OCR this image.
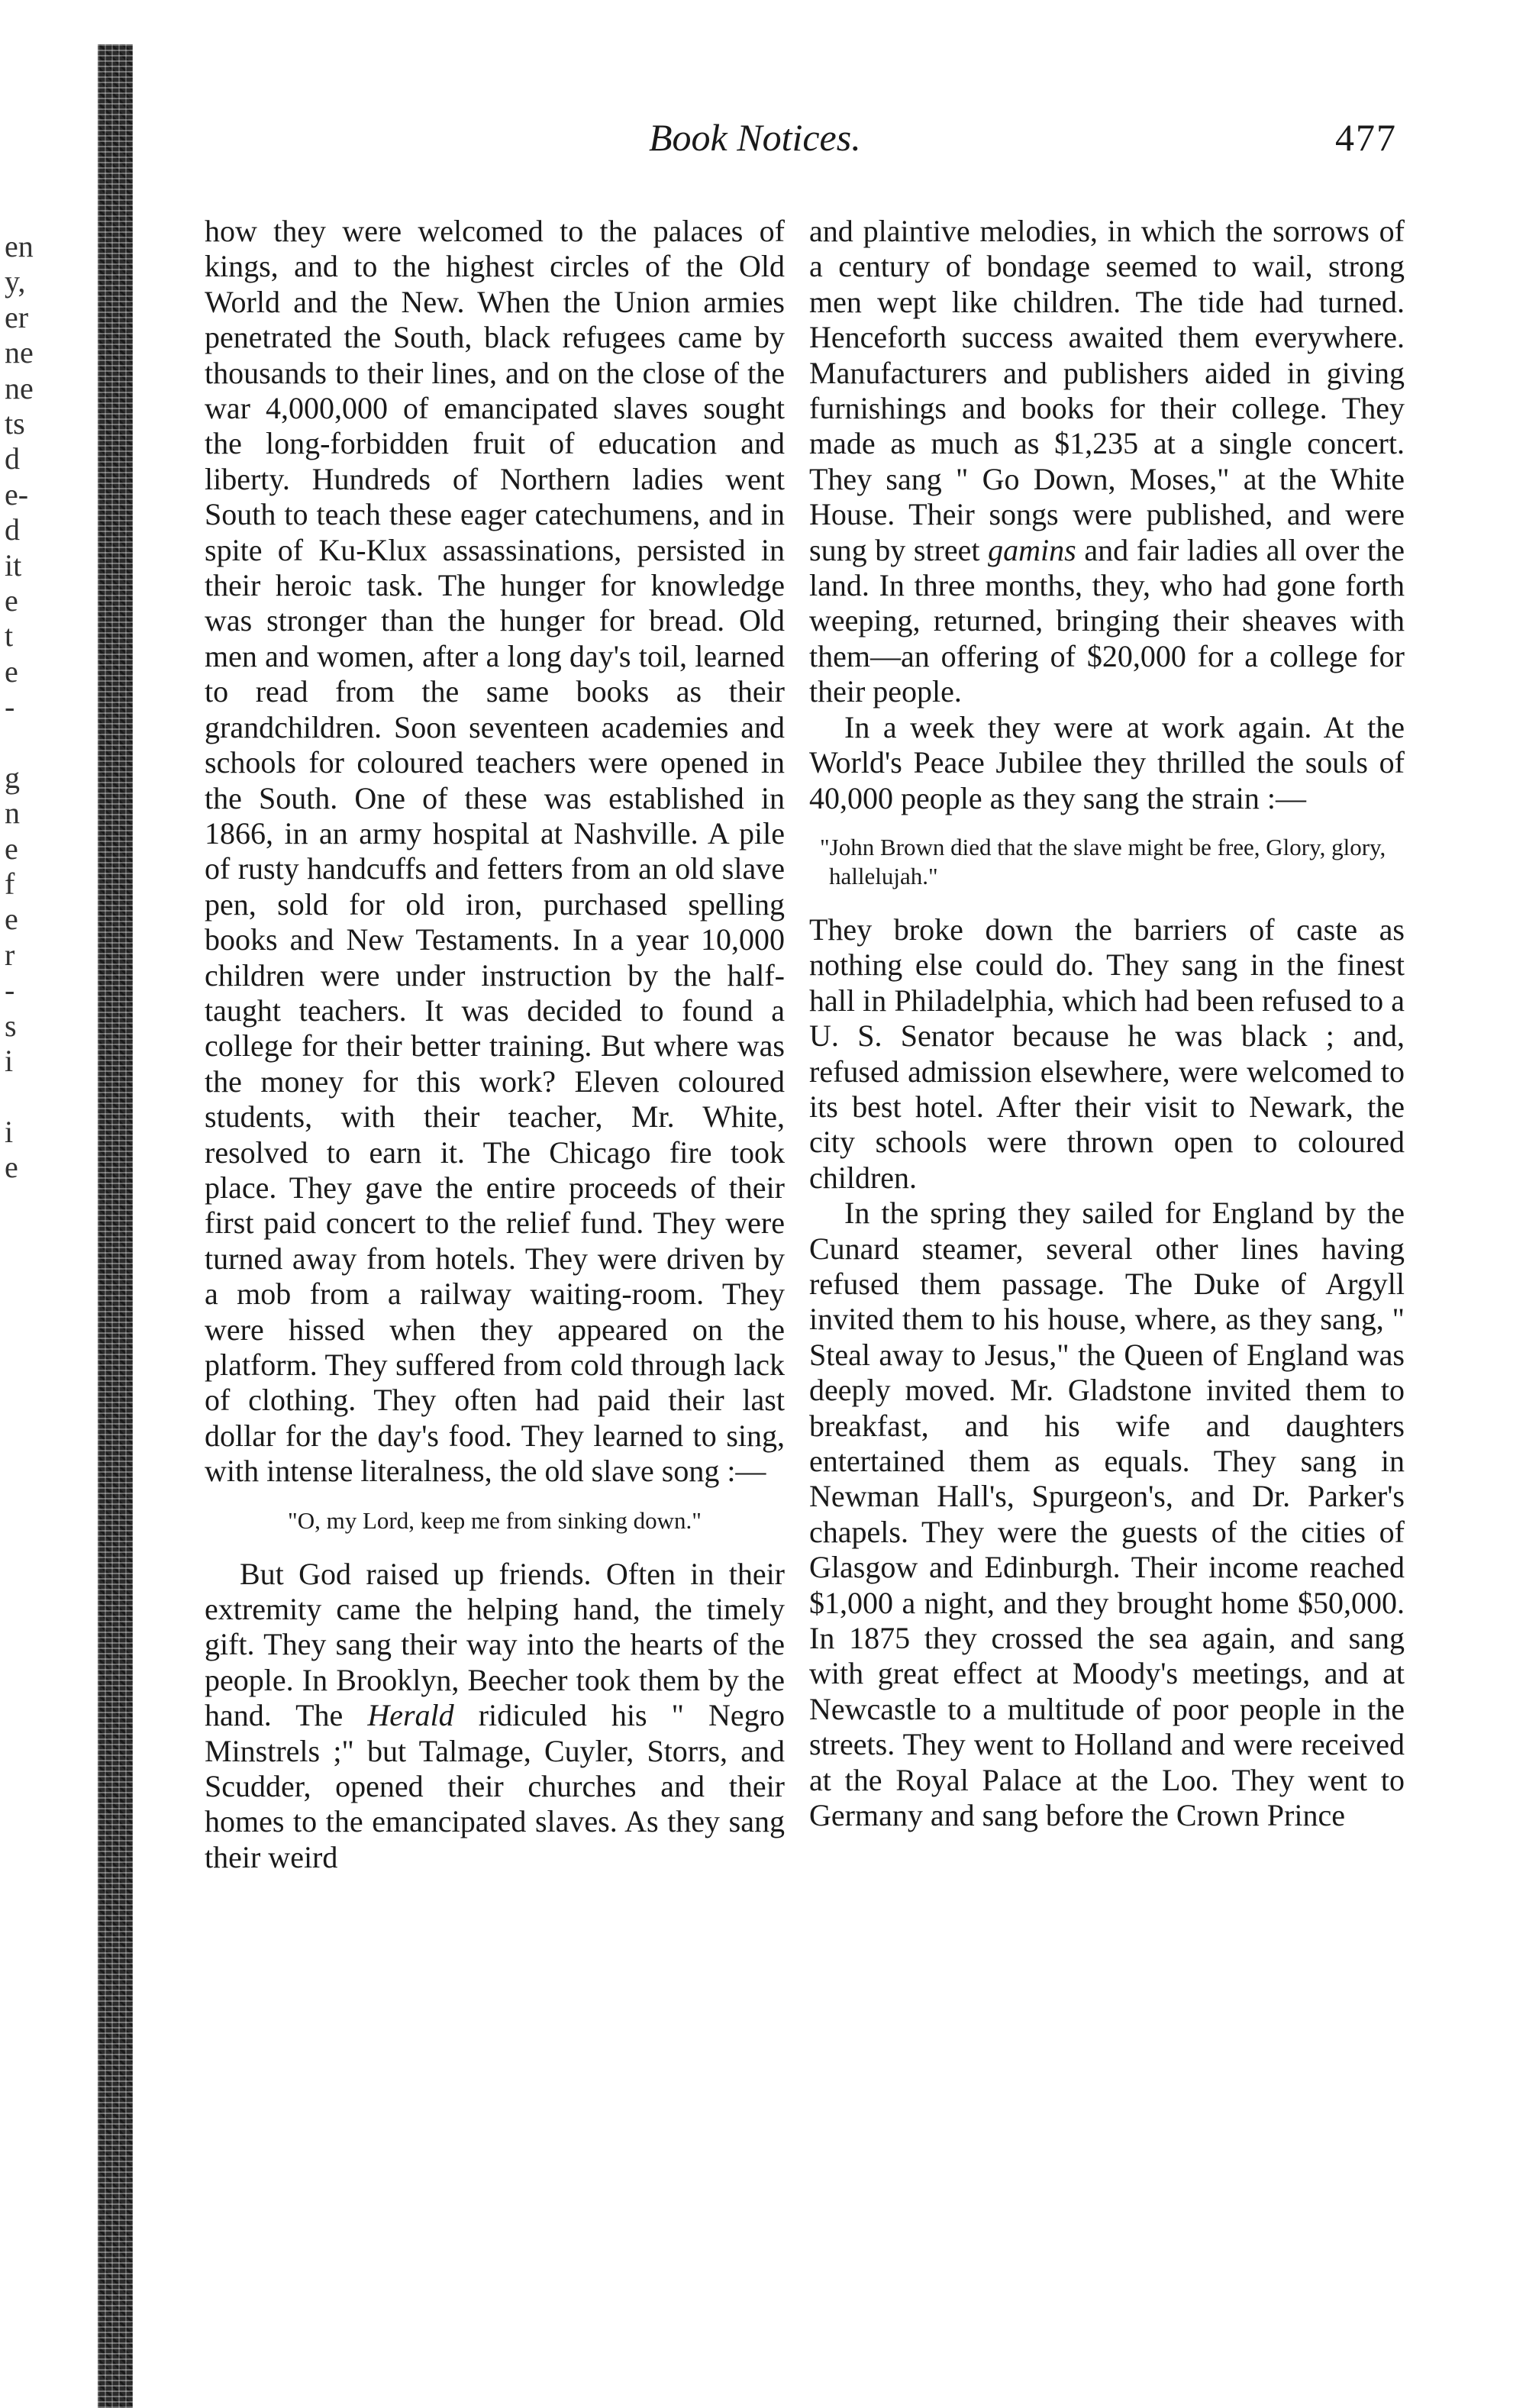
en
y,
er
ne
ne
ts
d
e-
d
it
e
t
e
-
g
n
e
f
e
r
-
s
i
i
e
Book Notices.	477

how they were welcomed to the palaces of kings, and to the highest circles of the Old World and the New. When the Union armies penetrated the South, black refugees came by thousands to their lines, and on the close of the war 4,000,000 of emancipated slaves sought the long-forbidden fruit of education and liberty. Hundreds of Northern ladies went South to teach these eager catechumens, and in spite of Ku-Klux assassinations, persisted in their heroic task. The hunger for knowledge was stronger than the hunger for bread. Old men and women, after a long day's toil, learned to read from the same books as their grandchildren. Soon seventeen academies and schools for coloured teachers were opened in the South. One of these was established in 1866, in an army hospital at Nashville. A pile of rusty handcuffs and fetters from an old slave pen, sold for old iron, purchased spelling books and New Testaments. In a year 10,000 children were under instruction by the half-taught teachers. It was decided to found a college for their better training. But where was the money for this work? Eleven coloured students, with their teacher, Mr. White, resolved to earn it. The Chicago fire took place. They gave the entire proceeds of their first paid concert to the relief fund. They were turned away from hotels. They were driven by a mob from a railway waiting-room. They were hissed when they appeared on the platform. They suffered from cold through lack of clothing. They often had paid their last dollar for the day's food. They learned to sing, with intense literalness, the old slave song :—

"O, my Lord, keep me from sinking down."

But God raised up friends. Often in their extremity came the helping hand, the timely gift. They sang their way into the hearts of the people. In Brooklyn, Beecher took them by the hand. The Herald ridiculed his " Negro Minstrels ;" but Talmage, Cuyler, Storrs, and Scudder, opened their churches and their homes to the emancipated slaves. As they sang their weird

and plaintive melodies, in which the sorrows of a century of bondage seemed to wail, strong men wept like children. The tide had turned. Henceforth success awaited them everywhere. Manufacturers and publishers aided in giving furnishings and books for their college. They made as much as $1,235 at a single concert. They sang " Go Down, Moses," at the White House. Their songs were published, and were sung by street gamins and fair ladies all over the land. In three months, they, who had gone forth weeping, returned, bringing their sheaves with them—an offering of $20,000 for a college for their people.

In a week they were at work again. At the World's Peace Jubilee they thrilled the souls of 40,000 people as they sang the strain :—

"John Brown died that the slave might be free, Glory, glory, hallelujah."

They broke down the barriers of caste as nothing else could do. They sang in the finest hall in Philadelphia, which had been refused to a U. S. Senator because he was black ; and, refused admission elsewhere, were welcomed to its best hotel. After their visit to Newark, the city schools were thrown open to coloured children.

In the spring they sailed for England by the Cunard steamer, several other lines having refused them passage. The Duke of Argyll invited them to his house, where, as they sang, " Steal away to Jesus," the Queen of England was deeply moved. Mr. Gladstone invited them to breakfast, and his wife and daughters entertained them as equals. They sang in Newman Hall's, Spurgeon's, and Dr. Parker's chapels. They were the guests of the cities of Glasgow and Edinburgh. Their income reached $1,000 a night, and they brought home $50,000. In 1875 they crossed the sea again, and sang with great effect at Moody's meetings, and at Newcastle to a multitude of poor people in the streets. They went to Holland and were received at the Royal Palace at the Loo. They went to Germany and sang before the Crown Prince
